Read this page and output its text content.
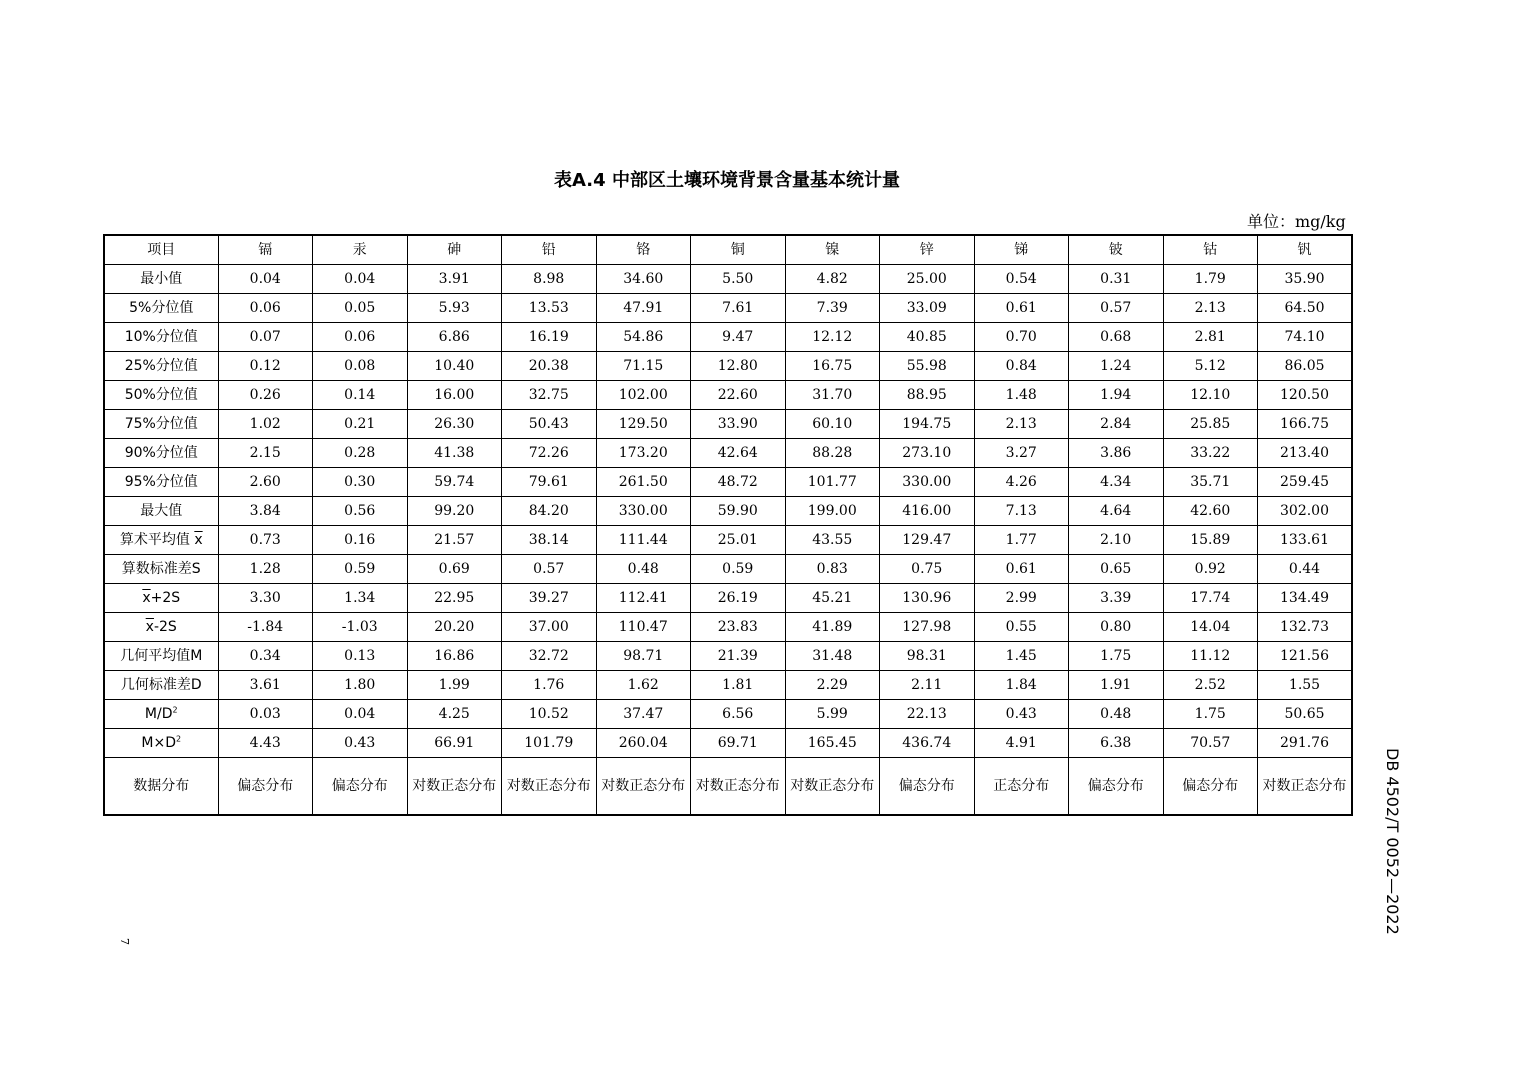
表A.4 中部区土壤环境背景含量基本统计量
单位：mg/kg
项目	镉	汞	砷	铅	铬	铜	镍	锌	锑	铍	钴	钒
最小值	0.04	0.04	3.91	8.98	34.60	5.50	4.82	25.00	0.54	0.31	1.79	35.90
5%分位值	0.06	0.05	5.93	13.53	47.91	7.61	7.39	33.09	0.61	0.57	2.13	64.50
10%分位值	0.07	0.06	6.86	16.19	54.86	9.47	12.12	40.85	0.70	0.68	2.81	74.10
25%分位值	0.12	0.08	10.40	20.38	71.15	12.80	16.75	55.98	0.84	1.24	5.12	86.05
50%分位值	0.26	0.14	16.00	32.75	102.00	22.60	31.70	88.95	1.48	1.94	12.10	120.50
75%分位值	1.02	0.21	26.30	50.43	129.50	33.90	60.10	194.75	2.13	2.84	25.85	166.75
90%分位值	2.15	0.28	41.38	72.26	173.20	42.64	88.28	273.10	3.27	3.86	33.22	213.40
95%分位值	2.60	0.30	59.74	79.61	261.50	48.72	101.77	330.00	4.26	4.34	35.71	259.45
最大值	3.84	0.56	99.20	84.20	330.00	59.90	199.00	416.00	7.13	4.64	42.60	302.00
算术平均值 $\overline{x}$	0.73	0.16	21.57	38.14	111.44	25.01	43.55	129.47	1.77	2.10	15.89	133.61
算数标准差S	1.28	0.59	0.69	0.57	0.48	0.59	0.83	0.75	0.61	0.65	0.92	0.44
$\overline{x}+2S$	3.30	1.34	22.95	39.27	112.41	26.19	45.21	130.96	2.99	3.39	17.74	134.49
$\overline{x}-2S$	-1.84	-1.03	20.20	37.00	110.47	23.83	41.89	127.98	0.55	0.80	14.04	132.73
几何平均值M	0.34	0.13	16.86	32.72	98.71	21.39	31.48	98.31	1.45	1.75	11.12	121.56
几何标准差D	3.61	1.80	1.99	1.76	1.62	1.81	2.29	2.11	1.84	1.91	2.52	1.55
$M/D^2$	0.03	0.04	4.25	10.52	37.47	6.56	5.99	22.13	0.43	0.48	1.75	50.65
$M\times D^2$	4.43	0.43	66.91	101.79	260.04	69.71	165.45	436.74	4.91	6.38	70.57	291.76
数据分布	偏态分布	偏态分布	对数正态分布	对数正态分布	对数正态分布	对数正态分布	对数正态分布	偏态分布	正态分布	偏态分布	偏态分布	对数正态分布 DB 4502/T 0052—2022
7
